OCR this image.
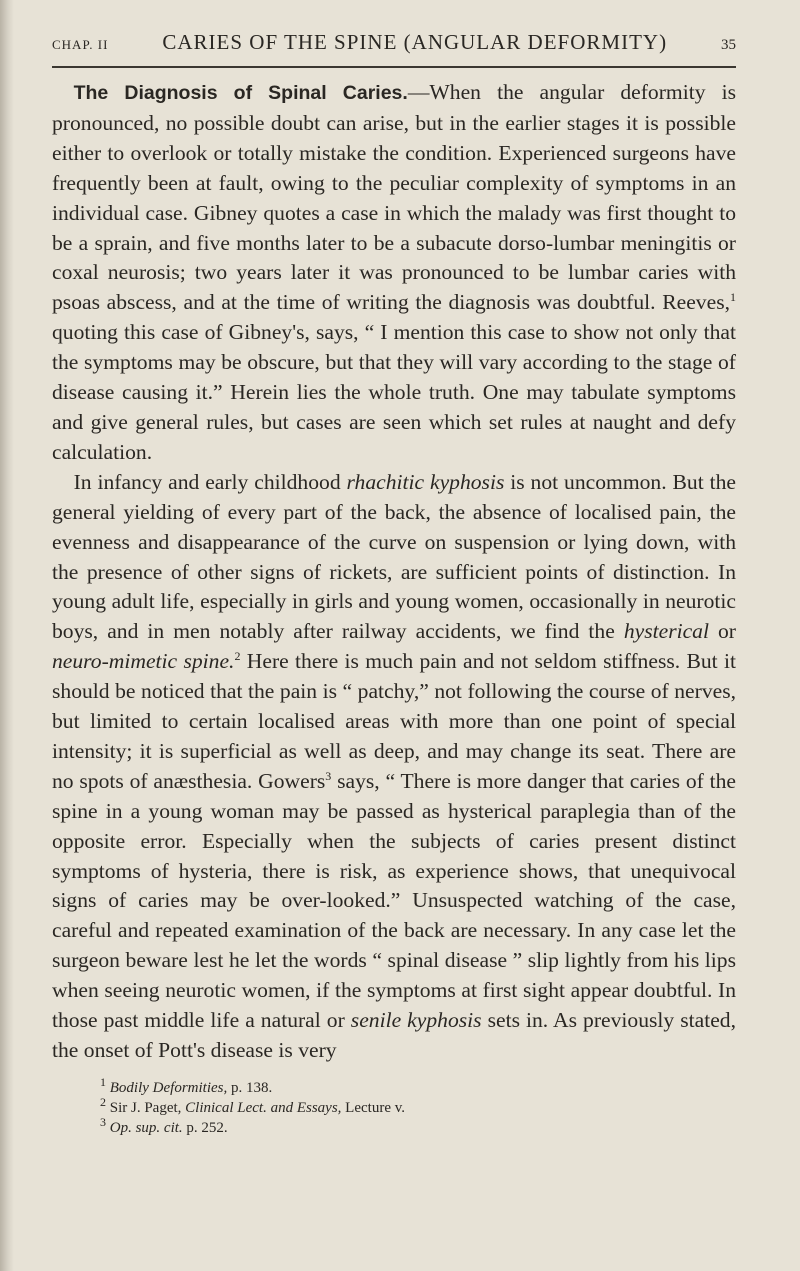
CHAP. II	CARIES OF THE SPINE (ANGULAR DEFORMITY)	35

 The Diagnosis of Spinal Caries.—When the angular deformity is pronounced, no possible doubt can arise, but in the earlier stages it is possible either to overlook or totally mistake the condition. Experienced surgeons have frequently been at fault, owing to the peculiar complexity of symptoms in an individual case. Gibney quotes a case in which the malady was first thought to be a sprain, and five months later to be a subacute dorso-lumbar meningitis or coxal neurosis; two years later it was pronounced to be lumbar caries with psoas abscess, and at the time of writing the diagnosis was doubtful. Reeves,$^1$ quoting this case of Gibney's, says, “ I mention this case to show not only that the symptoms may be obscure, but that they will vary according to the stage of disease causing it.” Herein lies the whole truth. One may tabulate symptoms and give general rules, but cases are seen which set rules at naught and defy calculation.

 In infancy and early childhood rhachitic kyphosis is not uncommon. But the general yielding of every part of the back, the absence of localised pain, the evenness and disappearance of the curve on suspension or lying down, with the presence of other signs of rickets, are sufficient points of distinction. In young adult life, especially in girls and young women, occasionally in neurotic boys, and in men notably after railway accidents, we find the hysterical or neuro-mimetic spine.$^2$ Here there is much pain and not seldom stiffness. But it should be noticed that the pain is “ patchy,” not following the course of nerves, but limited to certain localised areas with more than one point of special intensity; it is superficial as well as deep, and may change its seat. There are no spots of anæsthesia. Gowers$^3$ says, “ There is more danger that caries of the spine in a young woman may be passed as hysterical paraplegia than of the opposite error. Especially when the subjects of caries present distinct symptoms of hysteria, there is risk, as experience shows, that unequivocal signs of caries may be over-looked.” Unsuspected watching of the case, careful and repeated examination of the back are necessary. In any case let the surgeon beware lest he let the words “ spinal disease ” slip lightly from his lips when seeing neurotic women, if the symptoms at first sight appear doubtful. In those past middle life a natural or senile kyphosis sets in. As previously stated, the onset of Pott's disease is very

$^1$ Bodily Deformities, p. 138.

$^2$ Sir J. Paget, Clinical Lect. and Essays, Lecture v.

$^3$ Op. sup. cit. p. 252.
